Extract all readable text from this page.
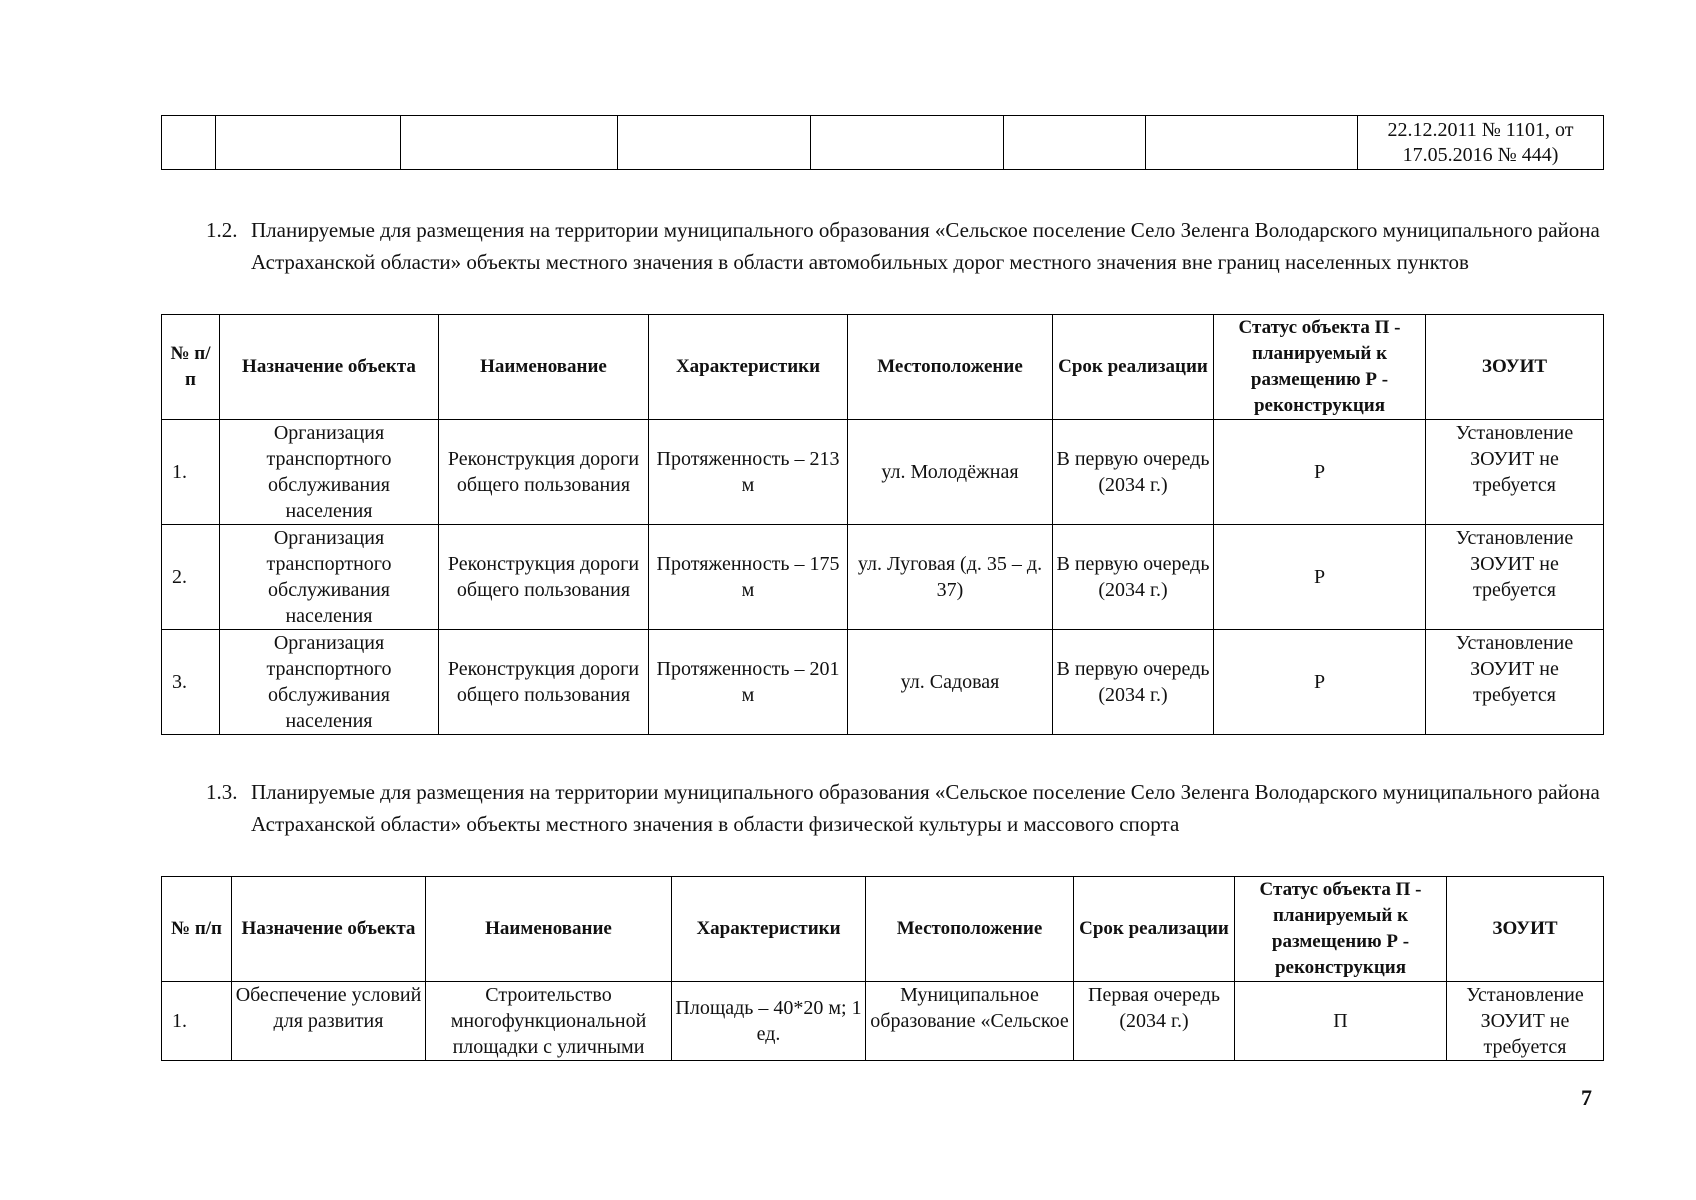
							22.12.2011 № 1101, от 17.05.2016 № 444)
1.2. Планируемые для размещения на территории муниципального образования «Сельское поселение Село Зеленга Володарского муниципального района Астраханской области» объекты местного значения в области автомобильных дорог местного значения вне границ населенных пунктов
№ п/п	Назначение объекта	Наименование	Характеристики	Местоположение	Срок реализации	Статус объекта П - планируемый к размещению Р - реконструкция	ЗОУИТ
1.	Организация транспортного обслуживания населения	Реконструкция дороги общего пользования	Протяженность – 213 м	ул. Молодёжная	В первую очередь (2034 г.)	Р	Установление ЗОУИТ не требуется
2.	Организация транспортного обслуживания населения	Реконструкция дороги общего пользования	Протяженность – 175 м	ул. Луговая (д. 35 – д. 37)	В первую очередь (2034 г.)	Р	Установление ЗОУИТ не требуется
3.	Организация транспортного обслуживания населения	Реконструкция дороги общего пользования	Протяженность – 201 м	ул. Садовая	В первую очередь (2034 г.)	Р	Установление ЗОУИТ не требуется
1.3. Планируемые для размещения на территории муниципального образования «Сельское поселение Село Зеленга Володарского муниципального района Астраханской области» объекты местного значения в области физической культуры и массового спорта
№ п/п	Назначение объекта	Наименование	Характеристики	Местоположение	Срок реализации	Статус объекта П - планируемый к размещению Р - реконструкция	ЗОУИТ
1.	Обеспечение условий для развития	Строительство многофункциональной площадки с уличными	Площадь – 40*20 м; 1 ед.	Муниципальное образование «Сельское	Первая очередь (2034 г.)	П	Установление ЗОУИТ не требуется
7
